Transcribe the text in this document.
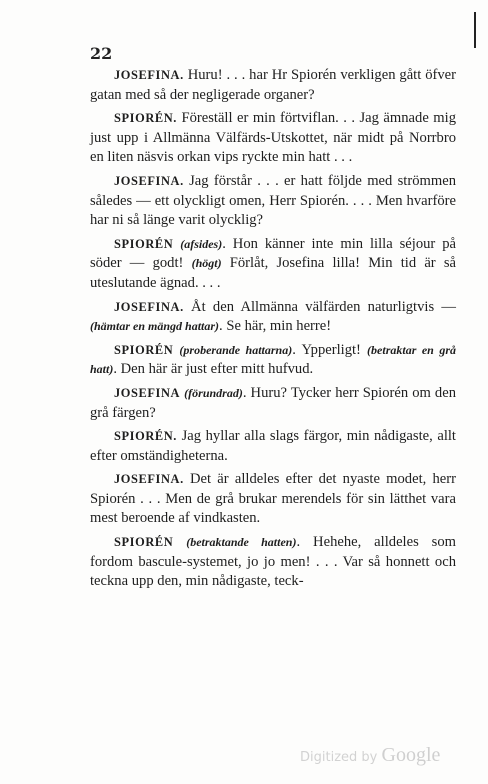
22

JOSEFINA. Huru! . . . har Hr Spiorén verkligen gått öfver gatan med så der negligerade organer?

SPIORÉN. Föreställ er min förtviflan. . . Jag ämnade mig just upp i Allmänna Välfärds-Utskottet, när midt på Norrbro en liten näsvis orkan vips ryckte min hatt . . .

JOSEFINA. Jag förstår . . . er hatt följde med strömmen således — ett olyckligt omen, Herr Spiorén. . . . Men hvarföre har ni så länge varit olycklig?

SPIORÉN (afsides). Hon känner inte min lilla séjour på söder — godt! (högt) Förlåt, Josefina lilla! Min tid är så uteslutande ägnad. . . .

JOSEFINA. Åt den Allmänna välfärden naturligtvis — (hämtar en mängd hattar). Se här, min herre!

SPIORÉN (proberande hattarna). Ypperligt! (betraktar en grå hatt). Den här är just efter mitt hufvud.

JOSEFINA (förundrad). Huru? Tycker herr Spiorén om den grå färgen?

SPIORÉN. Jag hyllar alla slags färgor, min nådigaste, allt efter omständigheterna.

JOSEFINA. Det är alldeles efter det nyaste modet, herr Spiorén . . . Men de grå brukar merendels för sin lätthet vara mest beroende af vindkasten.

SPIORÉN (betraktande hatten). Hehehe, alldeles som fordom bascule-systemet, jo jo men! . . . Var så honnett och teckna upp den, min nådigaste, teck-

Digitized by Google
